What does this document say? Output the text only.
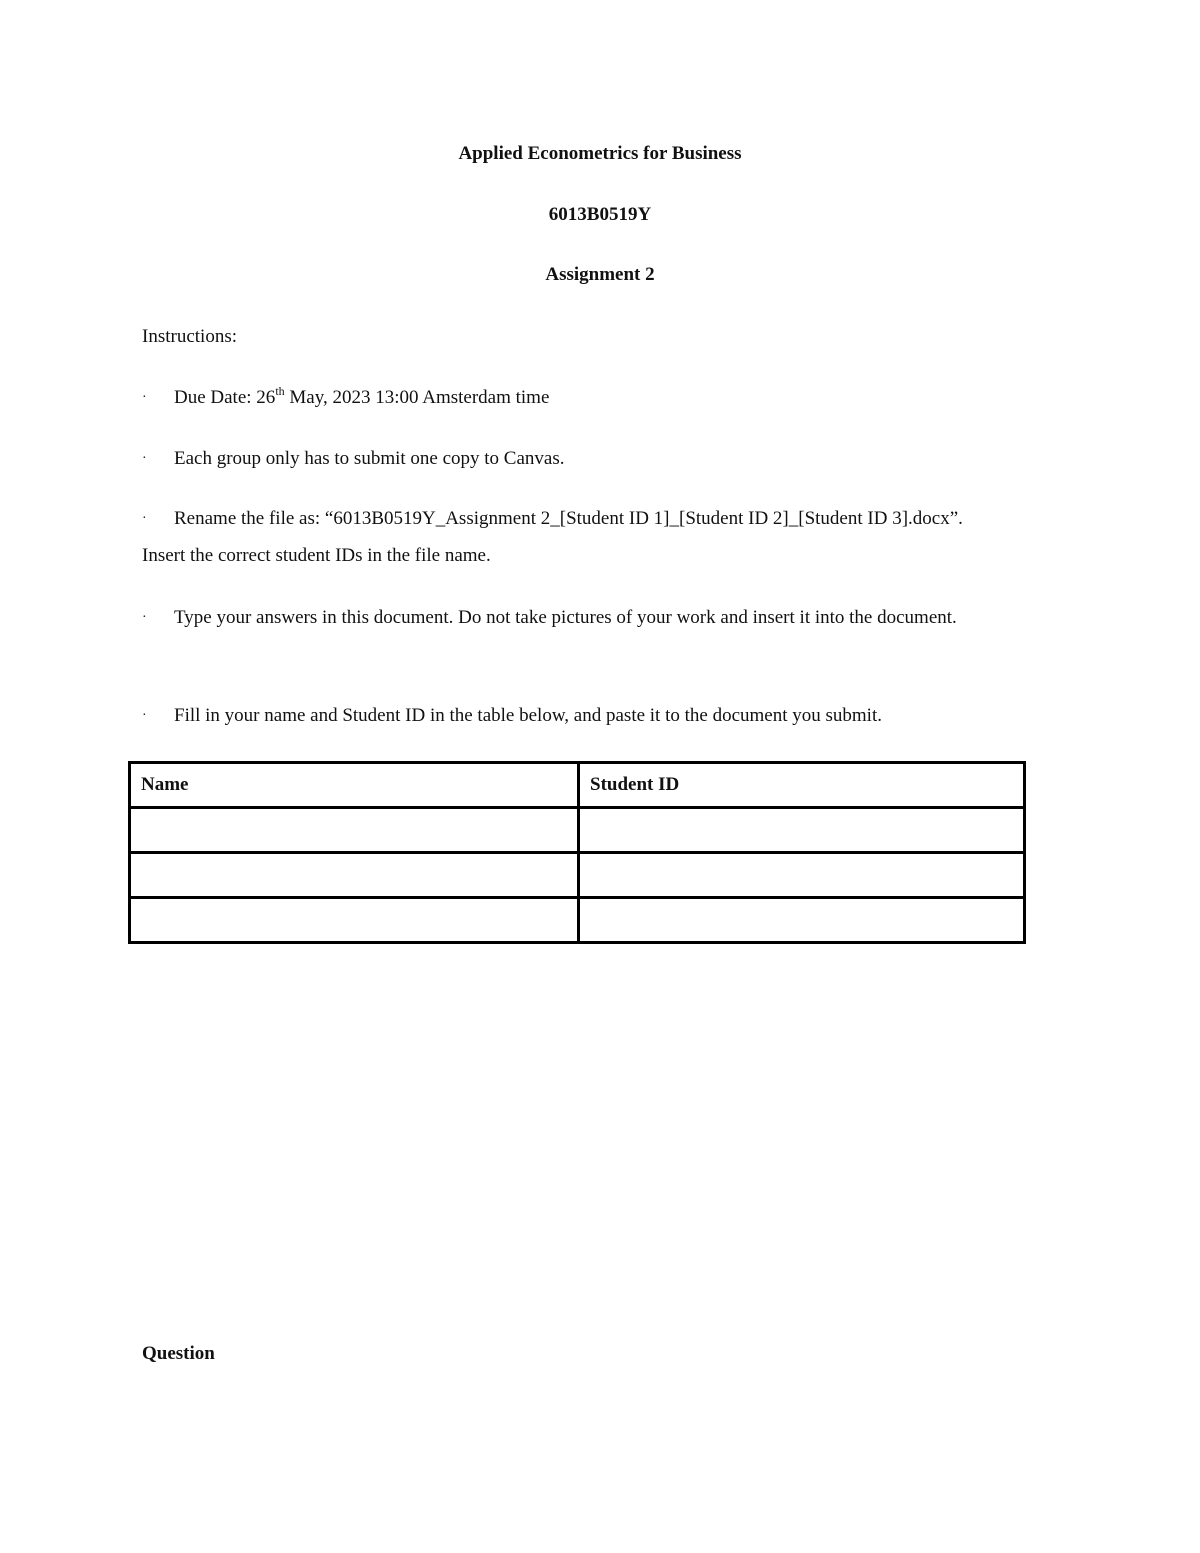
Applied Econometrics for Business
6013B0519Y
Assignment 2
Instructions:
· Due Date: 26th May, 2023 13:00 Amsterdam time
· Each group only has to submit one copy to Canvas.
· Rename the file as: “6013B0519Y_Assignment 2_[Student ID 1]_[Student ID 2]_[Student ID 3].docx”. Insert the correct student IDs in the file name.
· Type your answers in this document. Do not take pictures of your work and insert it into the document.
· Fill in your name and Student ID in the table below, and paste it to the document you submit.
Name	Student ID

Question
